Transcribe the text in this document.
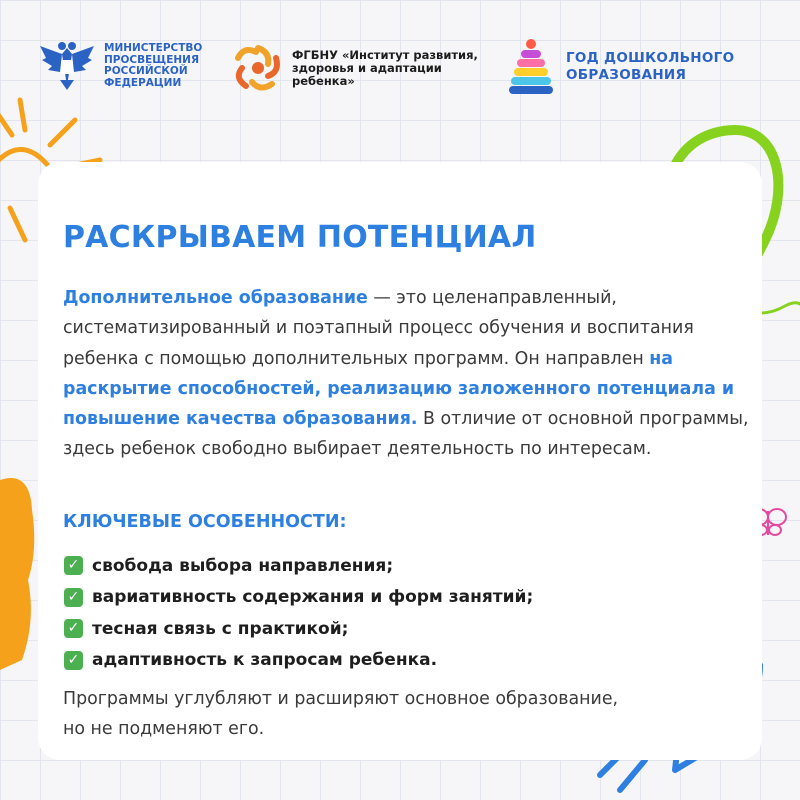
МИНИСТЕРСТВО
ПРОСВЕЩЕНИЯ
РОССИЙСКОЙ
ФЕДЕРАЦИИ
ФГБНУ «Институт развития,
здоровья и адаптации
ребенка»
ГОД ДОШКОЛЬНОГО
ОБРАЗОВАНИЯ
РАСКРЫВАЕМ ПОТЕНЦИАЛ

Дополнительное образование — это целенаправленный, систематизированный и поэтапный процесс обучения и воспитания ребенка с помощью дополнительных программ. Он направлен на раскрытие способностей, реализацию заложенного потенциала и повышение качества образования. В отличие от основной программы, здесь ребенок свободно выбирает деятельность по интересам.

КЛЮЧЕВЫЕ ОСОБЕННОСТИ:
✓ свобода выбора направления;
✓ вариативность содержания и форм занятий;
✓ тесная связь с практикой;
✓ адаптивность к запросам ребенка.

Программы углубляют и расширяют основное образование, но не подменяют его.
